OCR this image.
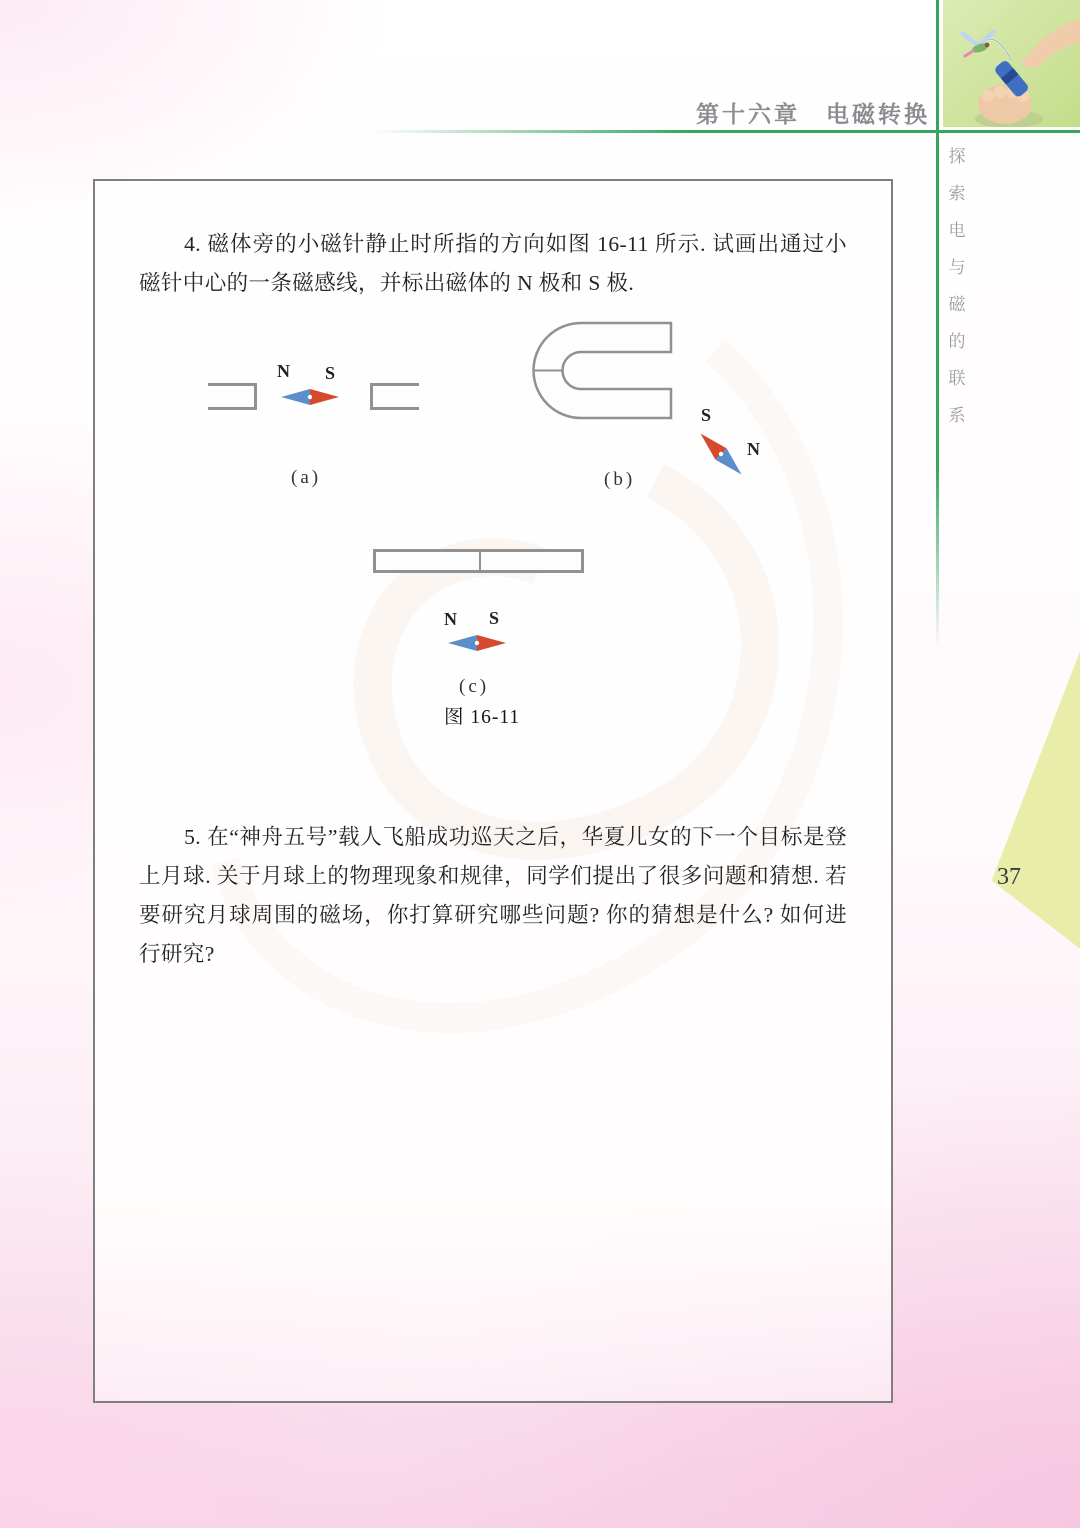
第十六章　电磁转换
探
索
电
与
磁
的
联
系
37

4. 磁体旁的小磁针静止时所指的方向如图 16-11 所示. 试画出通过小磁针中心的一条磁感线，并标出磁体的 N 极和 S 极.

N S
(a)
S
N
(b)
N S
(c)
图 16-11

5. 在“神舟五号”载人飞船成功巡天之后，华夏儿女的下一个目标是登上月球. 关于月球上的物理现象和规律，同学们提出了很多问题和猜想. 若要研究月球周围的磁场，你打算研究哪些问题? 你的猜想是什么? 如何进行研究?
